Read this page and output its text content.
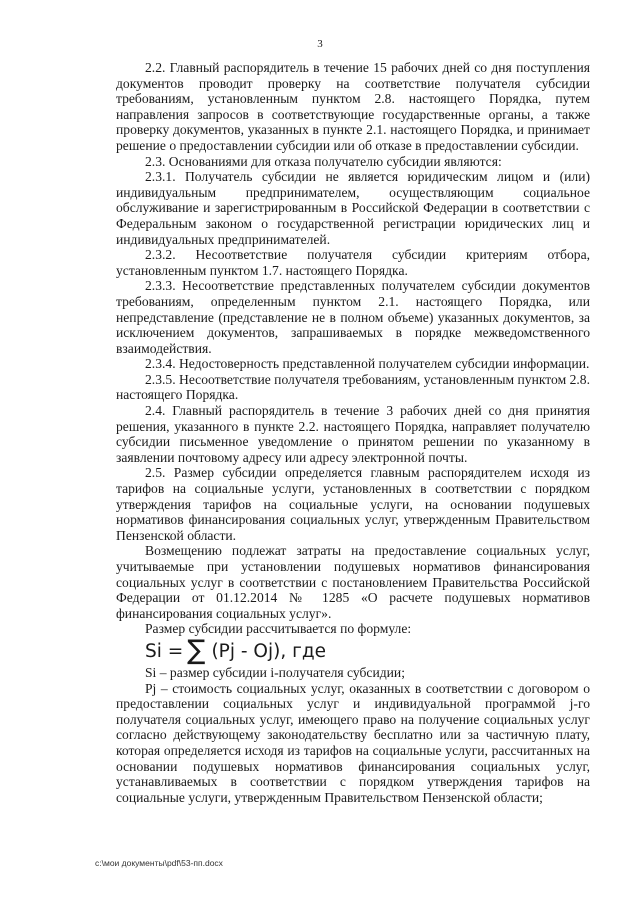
3

2.2. Главный распорядитель в течение 15 рабочих дней со дня поступления документов проводит проверку на соответствие получателя субсидии требованиям, установленным пунктом 2.8. настоящего Порядка, путем направления запросов в соответствующие государственные органы, а также проверку документов, указанных в пункте 2.1. настоящего Порядка, и принимает решение о предоставлении субсидии или об отказе в предоставлении субсидии.

2.3. Основаниями для отказа получателю субсидии являются:

2.3.1. Получатель субсидии не является юридическим лицом и (или) индивидуальным предпринимателем, осуществляющим социальное обслуживание и зарегистрированным в Российской Федерации в соответствии с Федеральным законом о государственной регистрации юридических лиц и индивидуальных предпринимателей.

2.3.2. Несоответствие получателя субсидии критериям отбора, установленным пунктом 1.7. настоящего Порядка.

2.3.3. Несоответствие представленных получателем субсидии документов требованиям, определенным пунктом 2.1. настоящего Порядка, или непредставление (представление не в полном объеме) указанных документов, за исключением документов, запрашиваемых в порядке межведомственного взаимодействия.

2.3.4. Недостоверность представленной получателем субсидии информации.

2.3.5. Несоответствие получателя требованиям, установленным пунктом 2.8. настоящего Порядка.

2.4. Главный распорядитель в течение 3 рабочих дней со дня принятия решения, указанного в пункте 2.2. настоящего Порядка, направляет получателю субсидии письменное уведомление о принятом решении по указанному в заявлении почтовому адресу или адресу электронной почты.

2.5. Размер субсидии определяется главным распорядителем исходя из тарифов на социальные услуги, установленных в соответствии с порядком утверждения тарифов на социальные услуги, на основании подушевых нормативов финансирования социальных услуг, утвержденным Правительством Пензенской области.

Возмещению подлежат затраты на предоставление социальных услуг, учитываемые при установлении подушевых нормативов финансирования социальных услуг в соответствии с постановлением Правительства Российской Федерации от 01.12.2014 № 1285 «О расчете подушевых нормативов финансирования социальных услуг».

Размер субсидии рассчитывается по формуле:

Si = ∑ (Pj - Oj), где

Si – размер субсидии i-получателя субсидии;

Pj – стоимость социальных услуг, оказанных в соответствии с договором о предоставлении социальных услуг и индивидуальной программой j-го получателя социальных услуг, имеющего право на получение социальных услуг согласно действующему законодательству бесплатно или за частичную плату, которая определяется исходя из тарифов на социальные услуги, рассчитанных на основании подушевых нормативов финансирования социальных услуг, устанавливаемых в соответствии с порядком утверждения тарифов на социальные услуги, утвержденным Правительством Пензенской области;

c:\мои документы\pdf\53-пп.docx
